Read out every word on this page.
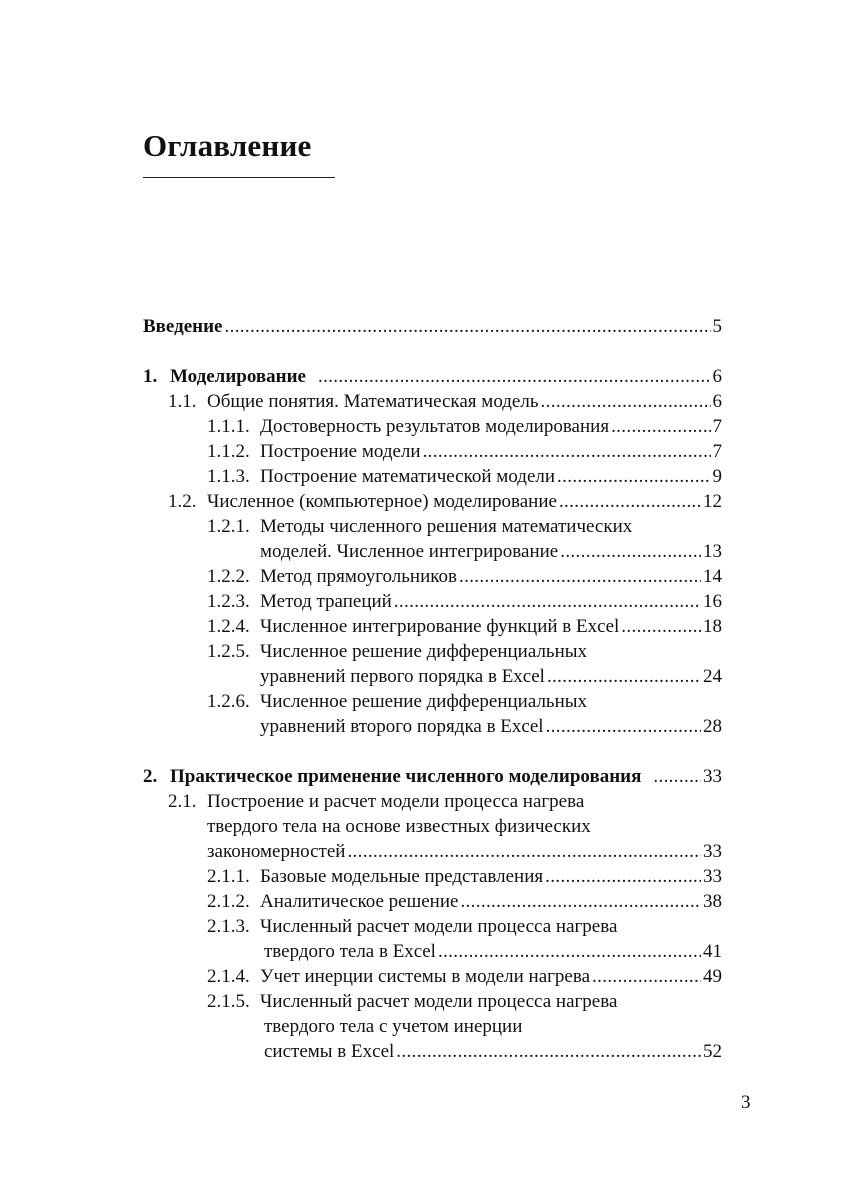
Оглавление
Введение . . .	5
1. Моделирование . . .	6
1.1. Общие понятия. Математическая модель . . .	6
1.1.1. Достоверность результатов моделирования . . .	7
1.1.2. Построение модели . . .	7
1.1.3. Построение математической модели . . .	9
1.2. Численное (компьютерное) моделирование . . .	12
1.2.1. Методы численного решения математических
моделей. Численное интегрирование . . .	13
1.2.2. Метод прямоугольников . . .	14
1.2.3. Метод трапеций . . .	16
1.2.4. Численное интегрирование функций в Excel . . .	18
1.2.5. Численное решение дифференциальных
уравнений первого порядка в Excel . . .	24
1.2.6. Численное решение дифференциальных
уравнений второго порядка в Excel . . .	28
2. Практическое применение численного моделирования . . .	33
2.1. Построение и расчет модели процесса нагрева
твердого тела на основе известных физических
закономерностей . . .	33
2.1.1. Базовые модельные представления . . .	33
2.1.2. Аналитическое решение . . .	38
2.1.3. Численный расчет модели процесса нагрева
твердого тела в Excel . . .	41
2.1.4. Учет инерции системы в модели нагрева . . .	49
2.1.5. Численный расчет модели процесса нагрева
твердого тела с учетом инерции
системы в Excel . . .	52
3
